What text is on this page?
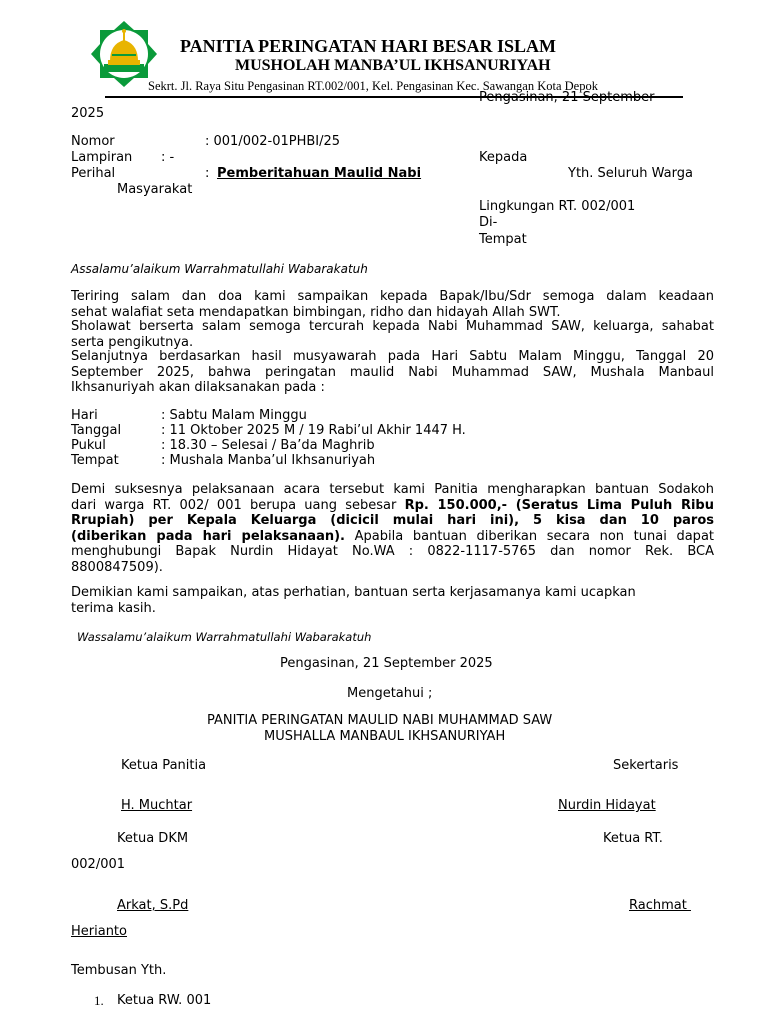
PANITIA PERINGATAN HARI BESAR ISLAM
MUSHOLAH MANBA’UL IKHSANURIYAH
Sekrt. Jl. Raya Situ Pengasinan RT.002/001, Kel. Pengasinan Kec. Sawangan Kota Depok
Pengasinan, 21 September
2025
Nomor	: 001/002-01PHBI/25
Lampiran : -
Perihal	: Pemberitahuan Maulid Nabi
Kepada
Yth. Seluruh Warga
Masyarakat
Lingkungan RT. 002/001
Di-
Tempat
Assalamu’alaikum Warrahmatullahi Wabarakatuh
Teriring salam dan doa kami sampaikan kepada Bapak/Ibu/Sdr semoga dalam keadaan
sehat walafiat seta mendapatkan bimbingan, ridho dan hidayah Allah SWT.
Sholawat berserta salam semoga tercurah kepada Nabi Muhammad SAW, keluarga, sahabat
serta pengikutnya.
Selanjutnya berdasarkan hasil musyawarah pada Hari Sabtu Malam Minggu, Tanggal 20
September 2025, bahwa peringatan maulid Nabi Muhammad SAW, Mushala Manbaul
Ikhsanuriyah akan dilaksanakan pada :
Hari	: Sabtu Malam Minggu
Tanggal	: 11 Oktober 2025 M / 19 Rabi’ul Akhir 1447 H.
Pukul	: 18.30 – Selesai / Ba’da Maghrib
Tempat	: Mushala Manba’ul Ikhsanuriyah
Demi suksesnya pelaksanaan acara tersebut kami Panitia mengharapkan bantuan Sodakoh
dari warga RT. 002/ 001 berupa uang sebesar Rp. 150.000,- (Seratus Lima Puluh Ribu
Rrupiah) per Kepala Keluarga (dicicil mulai hari ini), 5 kisa dan 10 paros
(diberikan pada hari pelaksanaan). Apabila bantuan diberikan secara non tunai dapat
menghubungi Bapak Nurdin Hidayat No.WA : 0822-1117-5765 dan nomor Rek. BCA
8800847509).
Demikian kami sampaikan, atas perhatian, bantuan serta kerjasamanya kami ucapkan
terima kasih.
Wassalamu’alaikum Warrahmatullahi Wabarakatuh
Pengasinan, 21 September 2025
Mengetahui ;
PANITIA PERINGATAN MAULID NABI MUHAMMAD SAW
MUSHALLA MANBAUL IKHSANURIYAH
Ketua Panitia	Sekertaris
H. Muchtar	Nurdin Hidayat
Ketua DKM	Ketua RT.
002/001
Arkat, S.Pd	Rachmat
Herianto
Tembusan Yth.
1. Ketua RW. 001
